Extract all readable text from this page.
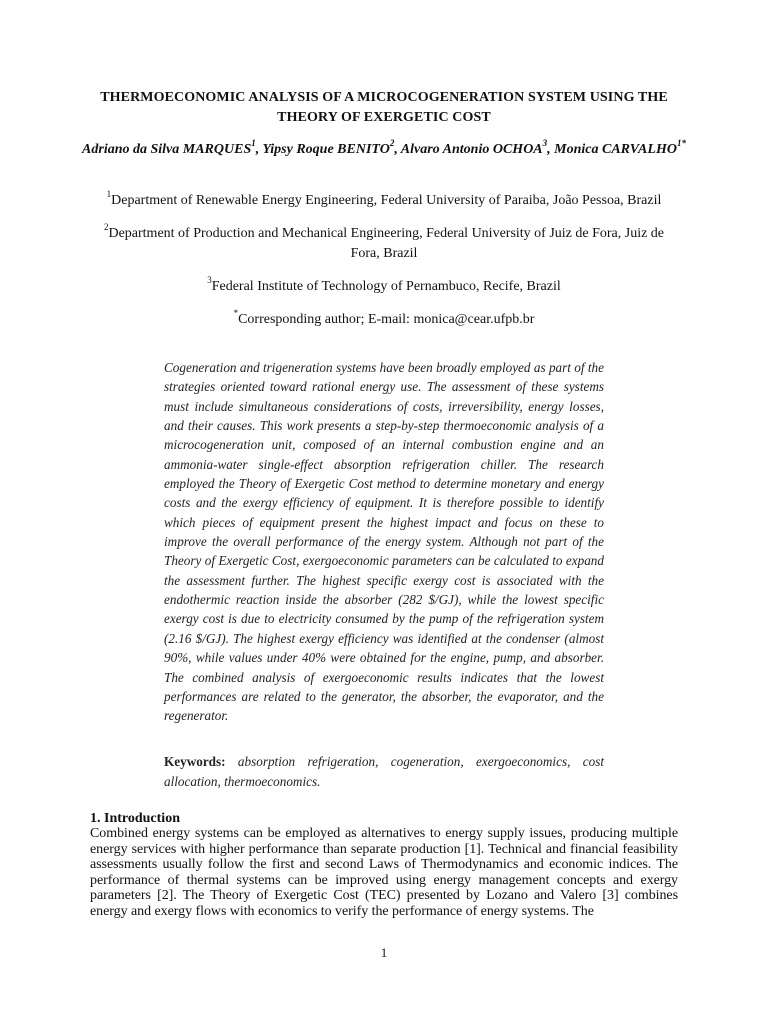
THERMOECONOMIC ANALYSIS OF A MICROCOGENERATION SYSTEM USING THE THEORY OF EXERGETIC COST
Adriano da Silva MARQUES$^1$, Yipsy Roque BENITO$^2$, Alvaro Antonio OCHOA$^3$, Monica $CARVALHO^{1*}$
$^1$Department of Renewable Energy Engineering, Federal University of Paraiba, João Pessoa, Brazil
$^2$Department of Production and Mechanical Engineering, Federal University of Juiz de Fora, Juiz de Fora, Brazil
$^3$Federal Institute of Technology of Pernambuco, Recife, Brazil
*Corresponding author; E-mail: monica@cear.ufpb.br
Cogeneration and trigeneration systems have been broadly employed as part of the strategies oriented toward rational energy use. The assessment of these systems must include simultaneous considerations of costs, irreversibility, energy losses, and their causes. This work presents a step-by-step thermoeconomic analysis of a microcogeneration unit, composed of an internal combustion engine and an ammonia-water single-effect absorption refrigeration chiller. The research employed the Theory of Exergetic Cost method to determine monetary and energy costs and the exergy efficiency of equipment. It is therefore possible to identify which pieces of equipment present the highest impact and focus on these to improve the overall performance of the energy system. Although not part of the Theory of Exergetic Cost, exergoeconomic parameters can be calculated to expand the assessment further. The highest specific exergy cost is associated with the endothermic reaction inside the absorber (282 $/GJ), while the lowest specific exergy cost is due to electricity consumed by the pump of the refrigeration system (2.16 $/GJ). The highest exergy efficiency was identified at the condenser (almost 90%, while values under 40% were obtained for the engine, pump, and absorber. The combined analysis of exergoeconomic results indicates that the lowest performances are related to the generator, the absorber, the evaporator, and the regenerator.
Keywords: absorption refrigeration, cogeneration, exergoeconomics, cost allocation, thermoeconomics.
1. Introduction
Combined energy systems can be employed as alternatives to energy supply issues, producing multiple energy services with higher performance than separate production [1]. Technical and financial feasibility assessments usually follow the first and second Laws of Thermodynamics and economic indices. The performance of thermal systems can be improved using energy management concepts and exergy parameters [2]. The Theory of Exergetic Cost (TEC) presented by Lozano and Valero [3] combines energy and exergy flows with economics to verify the performance of energy systems. The
1
